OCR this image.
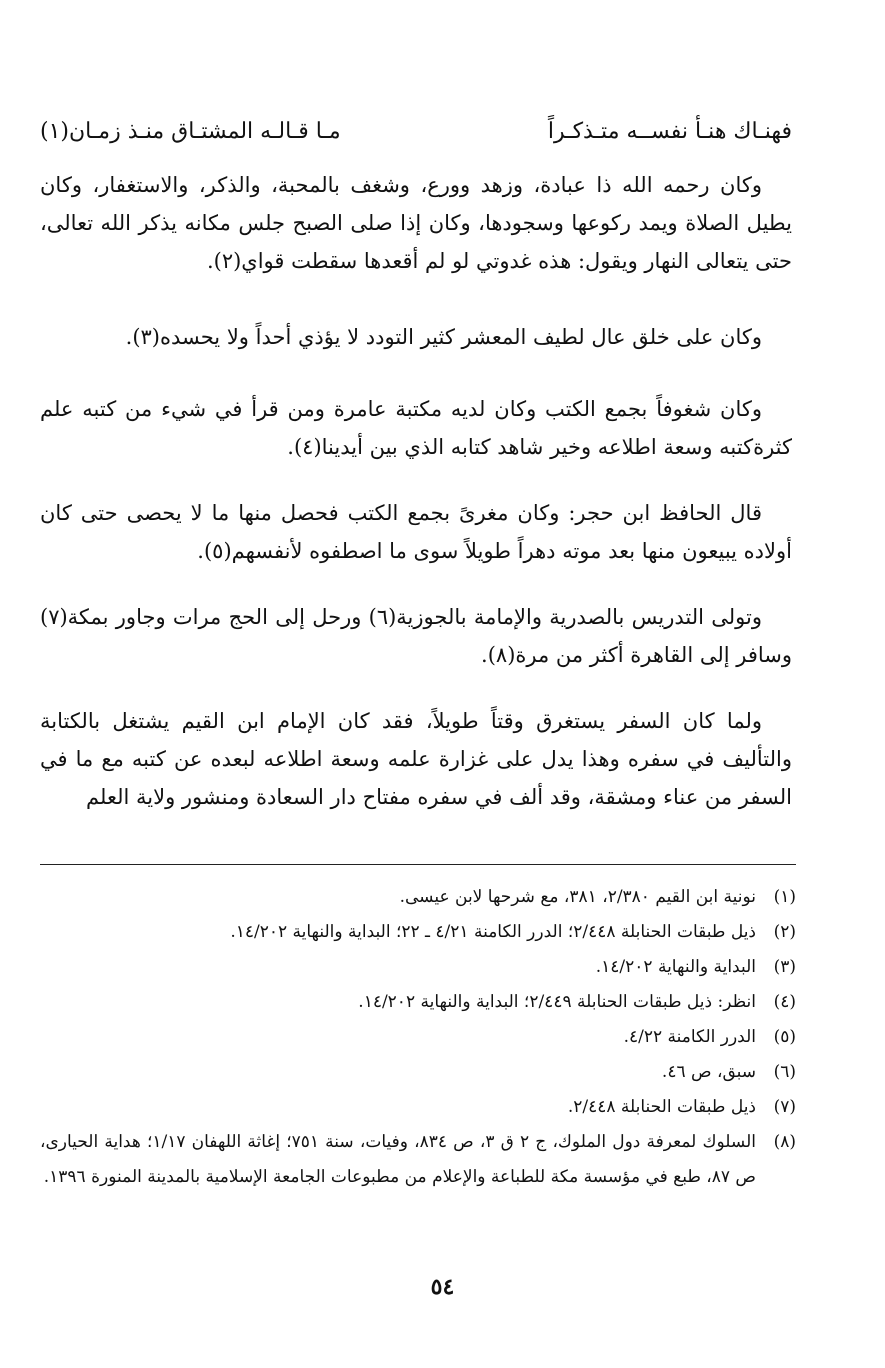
فهنـاك هنـأ نفســه متـذكـراً
مـا قـالـه المشتـاق منـذ زمـان(١)

وكان رحمه الله ذا عبادة، وزهد وورع، وشغف بالمحبة، والذكر، والاستغفار، وكان يطيل الصلاة ويمد ركوعها وسجودها، وكان إذا صلى الصبح جلس مكانه يذكر الله تعالى، حتى يتعالى النهار ويقول: هذه غدوتي لو لم أقعدها سقطت قواي(٢).

وكان على خلق عال لطيف المعشر كثير التودد لا يؤذي أحداً ولا يحسده(٣).

وكان شغوفاً بجمع الكتب وكان لديه مكتبة عامرة ومن قرأ في شيء من كتبه علم كثرةكتبه وسعة اطلاعه وخير شاهد كتابه الذي بين أيدينا(٤).

قال الحافظ ابن حجر: وكان مغرىً بجمع الكتب فحصل منها ما لا يحصى حتى كان أولاده يبيعون منها بعد موته دهراً طويلاً سوى ما اصطفوه لأنفسهم(٥).

وتولى التدريس بالصدرية والإمامة بالجوزية(٦) ورحل إلى الحج مرات وجاور بمكة(٧) وسافر إلى القاهرة أكثر من مرة(٨).

ولما كان السفر يستغرق وقتاً طويلاً، فقد كان الإمام ابن القيم يشتغل بالكتابة والتأليف في سفره وهذا يدل على غزارة علمه وسعة اطلاعه لبعده عن كتبه مع ما في السفر من عناء ومشقة، وقد ألف في سفره مفتاح دار السعادة ومنشور ولاية العلم

(١)
نونية ابن القيم ٢/٣٨٠، ٣٨١، مع شرحها لابن عيسى.
(٢)
ذيل طبقات الحنابلة ٢/٤٤٨؛ الدرر الكامنة ٤/٢١ ـ ٢٢؛ البداية والنهاية ١٤/٢٠٢.
(٣)
البداية والنهاية ١٤/٢٠٢.
(٤)
انظر: ذيل طبقات الحنابلة ٢/٤٤٩؛ البداية والنهاية ١٤/٢٠٢.
(٥)
الدرر الكامنة ٤/٢٢.
(٦)
سبق، ص ٤٦.
(٧)
ذيل طبقات الحنابلة ٢/٤٤٨.
(٨)
السلوك لمعرفة دول الملوك، ج ٢ ق ٣، ص ٨٣٤، وفيات، سنة ٧٥١؛ إغاثة اللهفان ١/١٧؛ هداية الحيارى، ص ٨٧، طبع في مؤسسة مكة للطباعة والإعلام من مطبوعات الجامعة الإسلامية بالمدينة المنورة ١٣٩٦.
٥٤
